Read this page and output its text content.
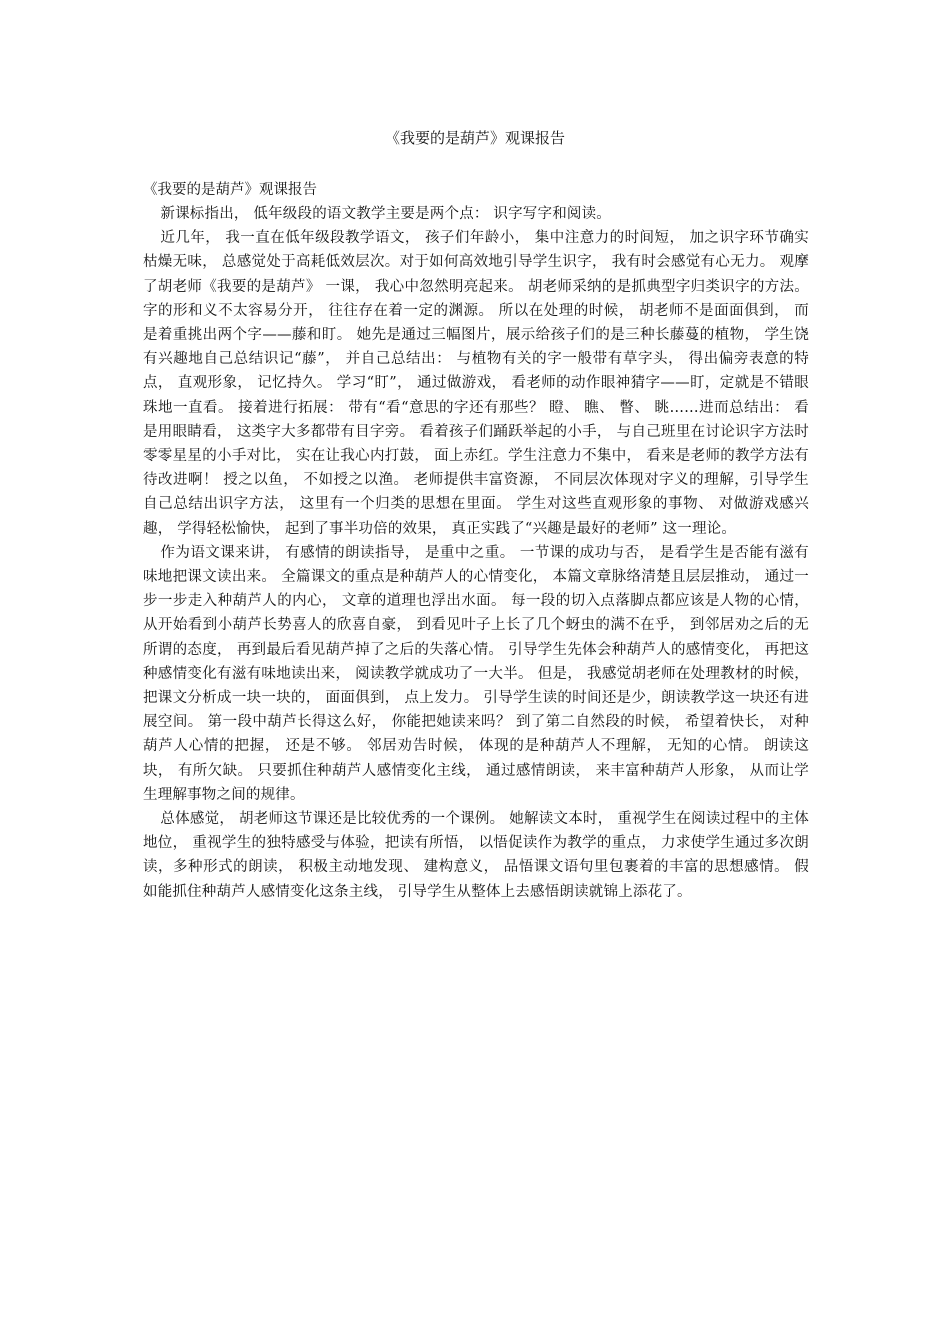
《我要的是葫芦》观课报告

《我要的是葫芦》观课报告

新课标指出， 低年级段的语文教学主要是两个点： 识字写字和阅读。

近几年， 我一直在低年级段教学语文， 孩子们年龄小， 集中注意力的时间短， 加之识字环节确实枯燥无味， 总感觉处于高耗低效层次。对于如何高效地引导学生识字， 我有时会感觉有心无力。 观摩了胡老师《我要的是葫芦》 一课， 我心中忽然明亮起来。 胡老师采纳的是抓典型字归类识字的方法。 字的形和义不太容易分开， 往往存在着一定的渊源。 所以在处理的时候， 胡老师不是面面俱到， 而是着重挑出两个字——藤和盯。 她先是通过三幅图片，展示给孩子们的是三种长藤蔓的植物， 学生饶有兴趣地自己总结识记“藤”， 并自己总结出： 与植物有关的字一般带有草字头， 得出偏旁表意的特点， 直观形象， 记忆持久。 学习“盯”， 通过做游戏， 看老师的动作眼神猜字——盯，定就是不错眼珠地一直看。 接着进行拓展： 带有“看“意思的字还有那些？ 瞪、 瞧、 瞥、 眺……进而总结出： 看是用眼睛看， 这类字大多都带有目字旁。 看着孩子们踊跃举起的小手， 与自己班里在讨论识字方法时零零星星的小手对比， 实在让我心内打鼓， 面上赤红。学生注意力不集中， 看来是老师的教学方法有待改进啊！ 授之以鱼， 不如授之以渔。 老师提供丰富资源， 不同层次体现对字义的理解，引导学生自己总结出识字方法， 这里有一个归类的思想在里面。 学生对这些直观形象的事物、 对做游戏感兴趣， 学得轻松愉快， 起到了事半功倍的效果， 真正实践了“兴趣是最好的老师” 这一理论。

作为语文课来讲， 有感情的朗读指导， 是重中之重。 一节课的成功与否， 是看学生是否能有滋有味地把课文读出来。 全篇课文的重点是种葫芦人的心情变化， 本篇文章脉络清楚且层层推动， 通过一步一步走入种葫芦人的内心， 文章的道理也浮出水面。 每一段的切入点落脚点都应该是人物的心情， 从开始看到小葫芦长势喜人的欣喜自豪， 到看见叶子上长了几个蚜虫的满不在乎， 到邻居劝之后的无所谓的态度， 再到最后看见葫芦掉了之后的失落心情。 引导学生先体会种葫芦人的感情变化， 再把这种感情变化有滋有味地读出来， 阅读教学就成功了一大半。 但是， 我感觉胡老师在处理教材的时候， 把课文分析成一块一块的， 面面俱到， 点上发力。 引导学生读的时间还是少，朗读教学这一块还有进展空间。 第一段中葫芦长得这么好， 你能把她读来吗？ 到了第二自然段的时候， 希望着快长， 对种葫芦人心情的把握， 还是不够。 邻居劝告时候， 体现的是种葫芦人不理解， 无知的心情。 朗读这块， 有所欠缺。 只要抓住种葫芦人感情变化主线， 通过感情朗读， 来丰富种葫芦人形象， 从而让学生理解事物之间的规律。

总体感觉， 胡老师这节课还是比较优秀的一个课例。 她解读文本时， 重视学生在阅读过程中的主体地位， 重视学生的独特感受与体验，把读有所悟， 以悟促读作为教学的重点， 力求使学生通过多次朗读，多种形式的朗读， 积极主动地发现、 建构意义， 品悟课文语句里包裹着的丰富的思想感情。 假如能抓住种葫芦人感情变化这条主线， 引导学生从整体上去感悟朗读就锦上添花了。
